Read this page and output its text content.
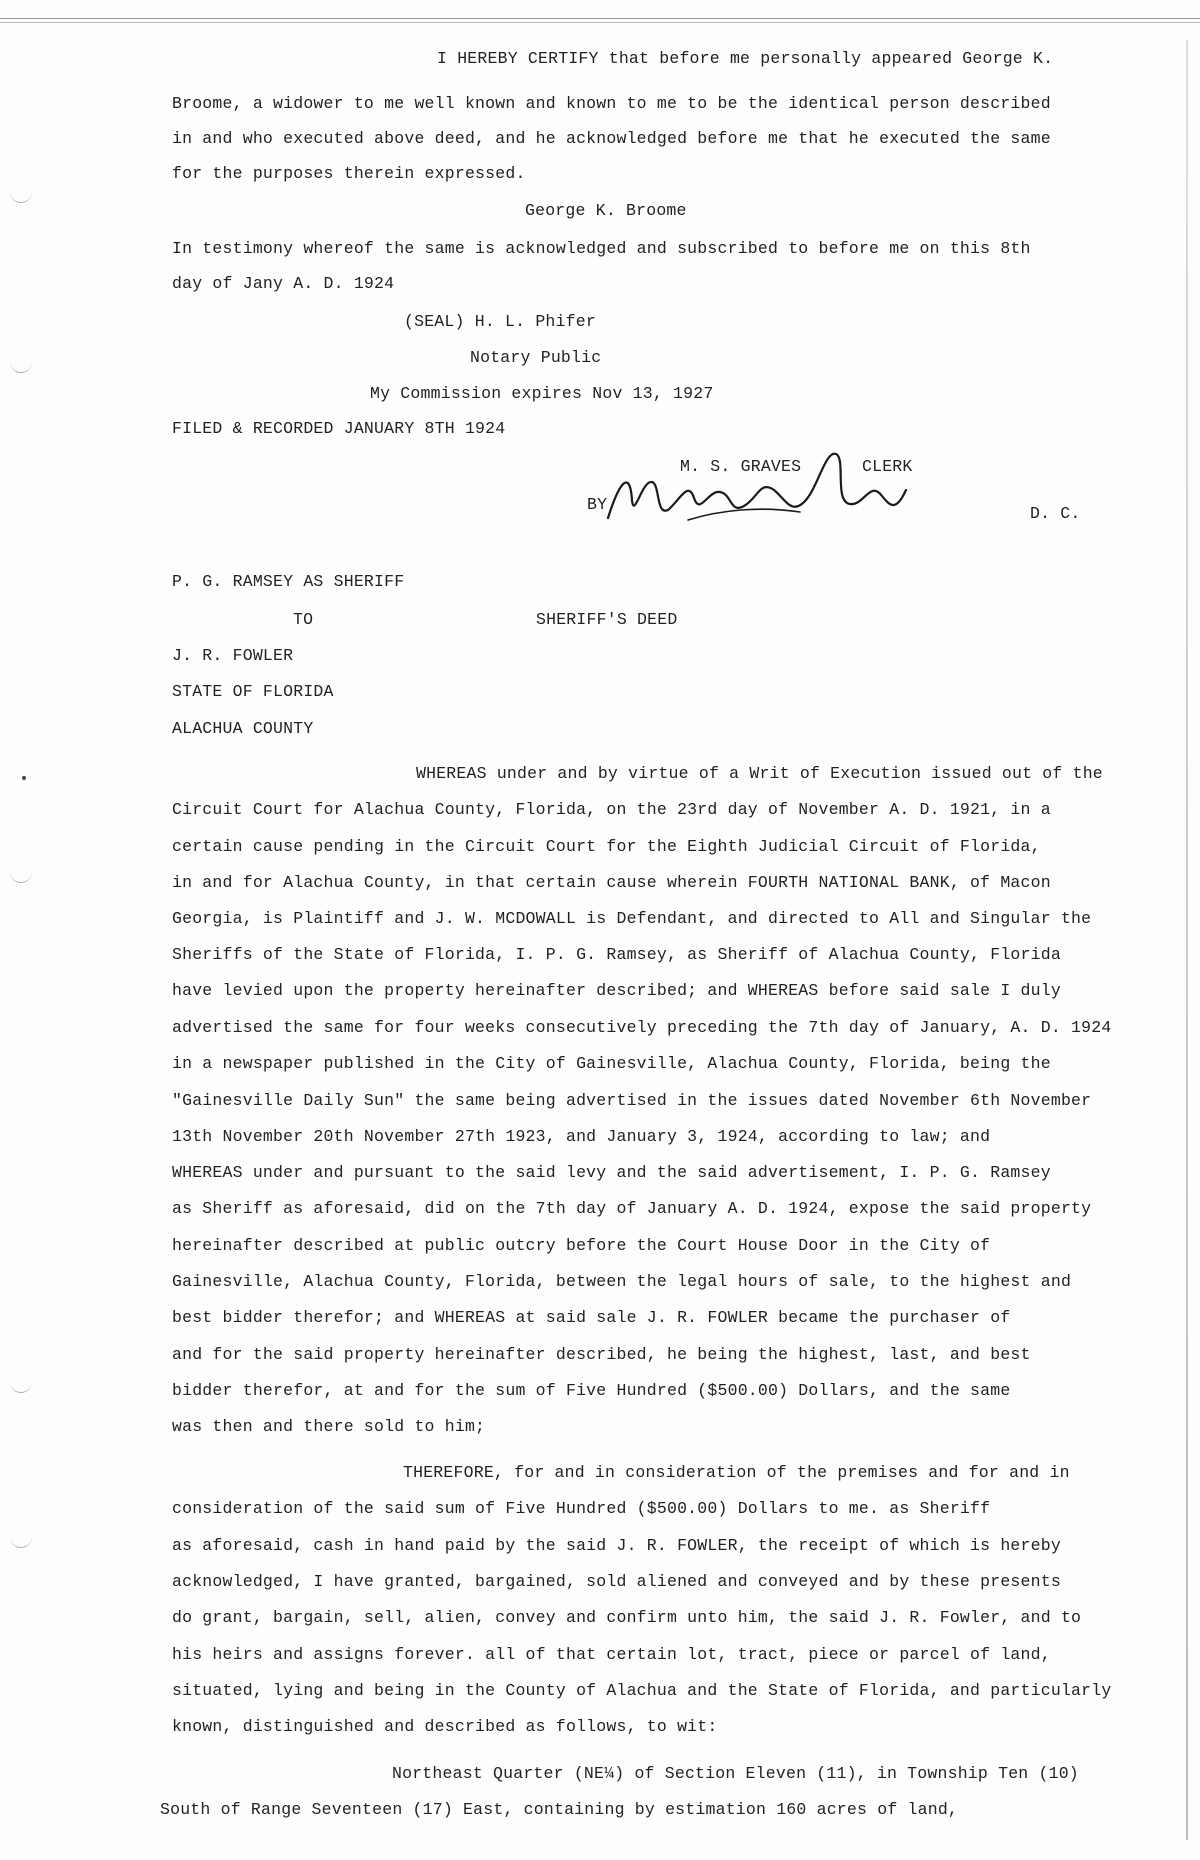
I HEREBY CERTIFY that before me personally appeared George K.
Broome, a widower to me well known and known to me to be the identical person described
in and who executed above deed, and he acknowledged before me that he executed the same
for the purposes therein expressed.
George K. Broome
In testimony whereof the same is acknowledged and subscribed to before me on this 8th
day of Jany A. D. 1924
(SEAL) H. L. Phifer
Notary Public
My Commission expires Nov 13, 1927
FILED & RECORDED JANUARY 8TH 1924
M. S. GRAVES	CLERK
BY	D. C.
P. G. RAMSEY AS SHERIFF
TO	SHERIFF'S DEED
J. R. FOWLER
STATE OF FLORIDA
ALACHUA COUNTY
WHEREAS under and by virtue of a Writ of Execution issued out of the
Circuit Court for Alachua County, Florida, on the 23rd day of November A. D. 1921, in a
certain cause pending in the Circuit Court for the Eighth Judicial Circuit of Florida,
in and for Alachua County, in that certain cause wherein FOURTH NATIONAL BANK, of Macon
Georgia, is Plaintiff and J. W. MCDOWALL is Defendant, and directed to All and Singular the
Sheriffs of the State of Florida, I. P. G. Ramsey, as Sheriff of Alachua County, Florida
have levied upon the property hereinafter described; and WHEREAS before said sale I duly
advertised the same for four weeks consecutively preceding the 7th day of January, A. D. 1924
in a newspaper published in the City of Gainesville, Alachua County, Florida, being the
"Gainesville Daily Sun" the same being advertised in the issues dated November 6th November
13th November 20th November 27th 1923, and January 3, 1924, according to law; and
WHEREAS under and pursuant to the said levy and the said advertisement, I. P. G. Ramsey
as Sheriff as aforesaid, did on the 7th day of January A. D. 1924, expose the said property
hereinafter described at public outcry before the Court House Door in the City of
Gainesville, Alachua County, Florida, between the legal hours of sale, to the highest and
best bidder therefor; and WHEREAS at said sale J. R. FOWLER became the purchaser of
and for the said property hereinafter described, he being the highest, last, and best
bidder therefor, at and for the sum of Five Hundred ($500.00) Dollars, and the same
was then and there sold to him;
THEREFORE, for and in consideration of the premises and for and in
consideration of the said sum of Five Hundred ($500.00) Dollars to me. as Sheriff
as aforesaid, cash in hand paid by the said J. R. FOWLER, the receipt of which is hereby
acknowledged, I have granted, bargained, sold aliened and conveyed and by these presents
do grant, bargain, sell, alien, convey and confirm unto him, the said J. R. Fowler, and to
his heirs and assigns forever. all of that certain lot, tract, piece or parcel of land,
situated, lying and being in the County of Alachua and the State of Florida, and particularly
known, distinguished and described as follows, to wit:
Northeast Quarter (NE¼) of Section Eleven (11), in Township Ten (10)
South of Range Seventeen (17) East, containing by estimation 160 acres of land,
